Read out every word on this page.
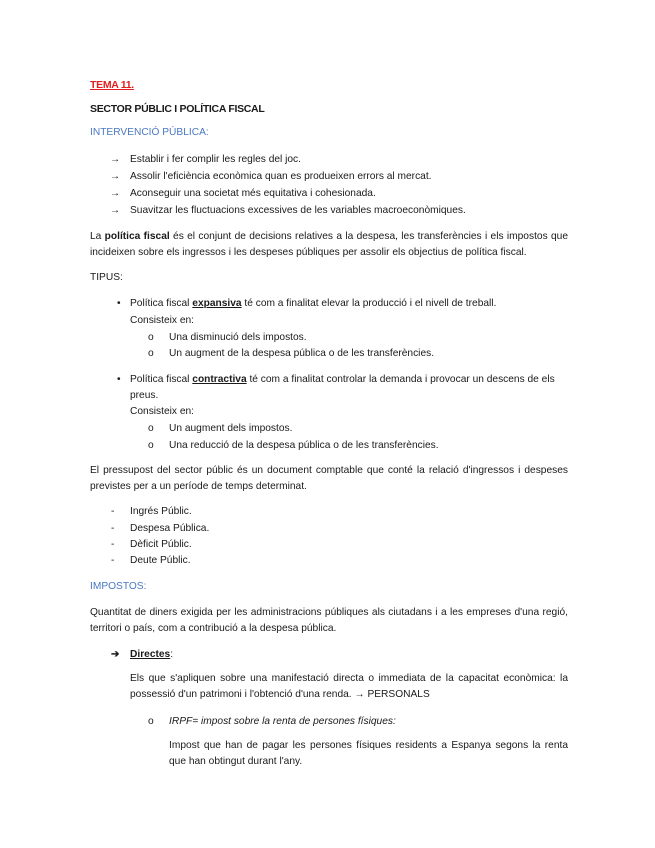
TEMA 11.
SECTOR PÚBLIC I POLÍTICA FISCAL
INTERVENCIÓ PÚBLICA:
→ Establir i fer complir les regles del joc.
→ Assolir l'eficiència econòmica quan es produeixen errors al mercat.
→ Aconseguir una societat més equitativa i cohesionada.
→ Suavitzar les fluctuacions excessives de les variables macroeconòmiques.
La política fiscal és el conjunt de decisions relatives a la despesa, les transferències i els impostos que incideixen sobre els ingressos i les despeses públiques per assolir els objectius de política fiscal.
TIPUS:
• Política fiscal expansiva té com a finalitat elevar la producció i el nivell de treball.
Consisteix en:
o Una disminució dels impostos.
o Un augment de la despesa pública o de les transferències.
• Política fiscal contractiva té com a finalitat controlar la demanda i provocar un descens de els
preus.
Consisteix en:
o Un augment dels impostos.
o Una reducció de la despesa pública o de les transferències.
El pressupost del sector públic és un document comptable que conté la relació d'ingressos i despeses previstes per a un període de temps determinat.
- Ingrés Públic.
- Despesa Pública.
- Dèficit Públic.
- Deute Públic.
IMPOSTOS:
Quantitat de diners exigida per les administracions públiques als ciutadans i a les empreses d'una regió, territori o país, com a contribució a la despesa pública.
➔ Directes:
Els que s'apliquen sobre una manifestació directa o immediata de la capacitat econòmica: la possessió d'un patrimoni i l'obtenció d'una renda. → PERSONALS
o IRPF= impost sobre la renta de persones físiques:
Impost que han de pagar les persones físiques residents a Espanya segons la renta que han obtingut durant l'any.
